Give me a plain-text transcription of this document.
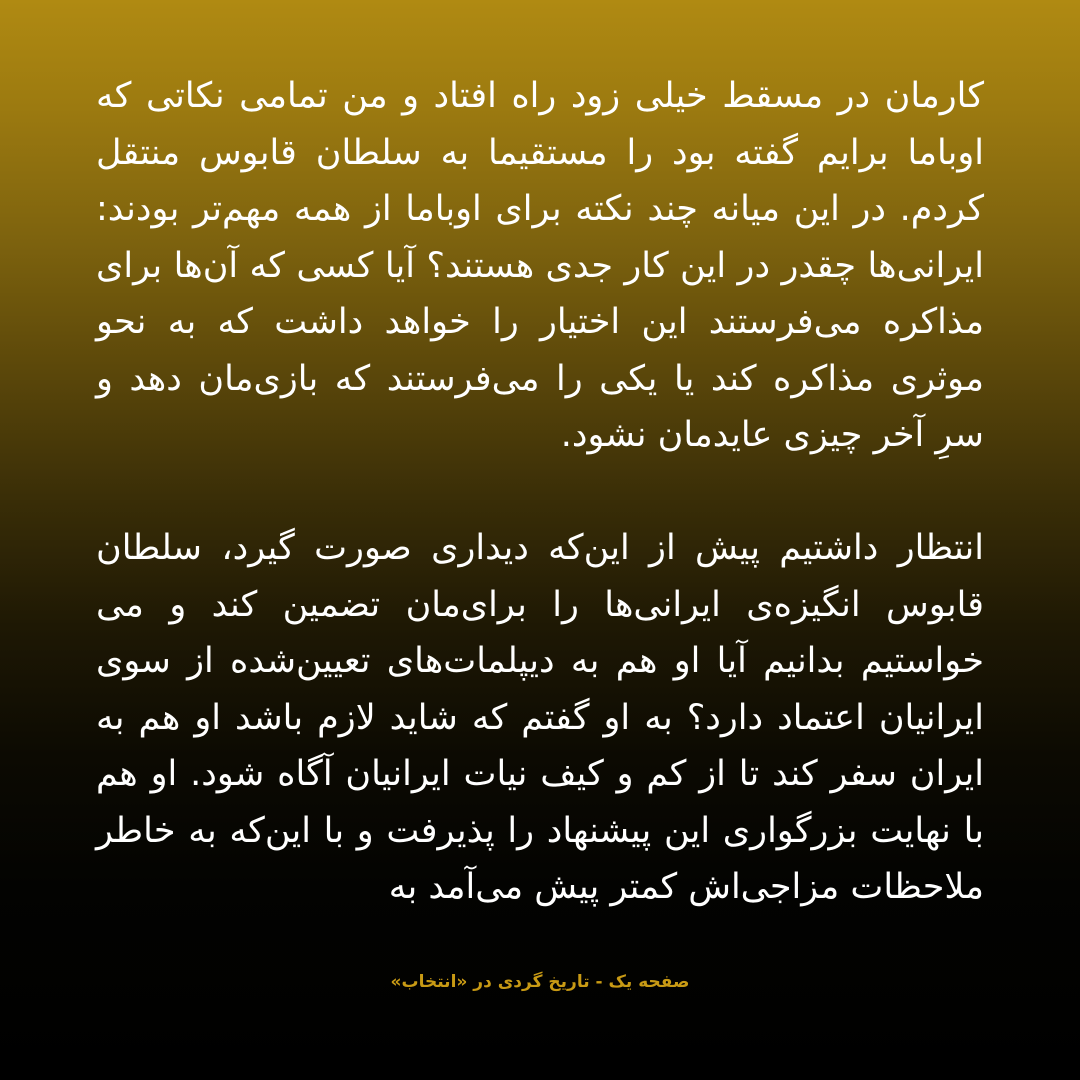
کارمان در مسقط خیلی زود راه افتاد و من تمامی نکاتی که اوباما برایم گفته بود را مستقیما به سلطان قابوس منتقل کردم. در این میانه چند نکته برای اوباما از همه مهم‌تر بودند: ایرانی‌ها چقدر در این کار جدی هستند؟ آیا کسی که آن‌ها برای مذاکره می‌فرستند این اختیار را خواهد داشت که به نحو موثری مذاکره کند یا یکی را می‌فرستند که بازی‌مان دهد و سرِ آخر چیزی عایدمان نشود.

انتظار داشتیم پیش از این‌که دیداری صورت گیرد، سلطان قابوس انگیزه‌ی ایرانی‌ها را برای‌مان تضمین کند و می خواستیم بدانیم آیا او هم به دیپلمات‌های تعیین‌شده از سوی ایرانیان اعتماد دارد؟ به او گفتم که شاید لازم باشد او هم به ایران سفر کند تا از کم و کیف نیات ایرانیان آگاه شود. او هم با نهایت بزرگواری این پیشنهاد را پذیرفت و با این‌که به خاطر ملاحظات مزاجی‌اش کمتر پیش می‌آمد به

صفحه یک - تاریخ گردی در «انتخاب»
